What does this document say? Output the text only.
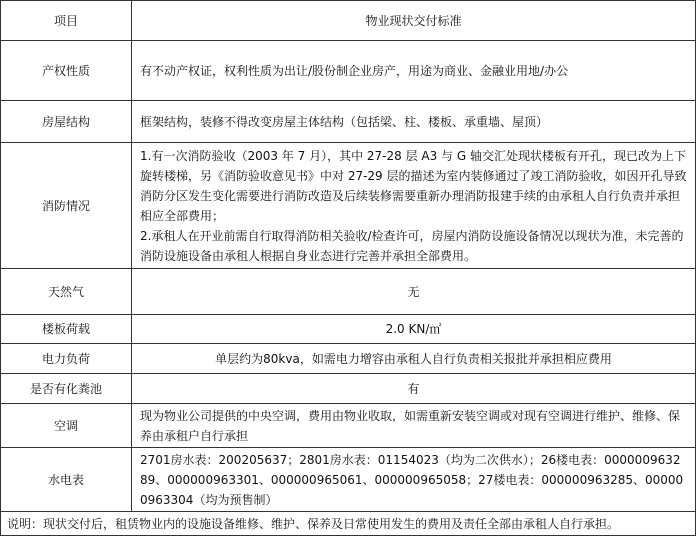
项目	物业现状交付标准
产权性质	有不动产权证，权利性质为出让/股份制企业房产，用途为商业、金融业用地/办公
房屋结构	框架结构，装修不得改变房屋主体结构（包括梁、柱、楼板、承重墙、屋顶）
消防情况	1.有一次消防验收（2003 年 7 月），其中 27-28 层 A3 与 G 轴交汇处现状楼板有开孔，现已改为上下旋转楼梯，另《消防验收意见书》中对 27-29 层的描述为室内装修通过了竣工消防验收，如因开孔导致消防分区发生变化需要进行消防改造及后续装修需要重新办理消防报建手续的由承租人自行负责并承担相应全部费用；
2.承租人在开业前需自行取得消防相关验收/检查许可，房屋内消防设施设备情况以现状为准，未完善的消防设施设备由承租人根据自身业态进行完善并承担全部费用。

天然气	无
楼板荷载	2.0 KN/㎡
电力负荷	单层约为80kva，如需电力增容由承租人自行负责相关报批并承担相应费用
是否有化粪池	有
空调	现为物业公司提供的中央空调，费用由物业收取，如需重新安装空调或对现有空调进行维护、维修、保养由承租户自行承担
水电表	2701房水表：200205637；2801房水表：01154023（均为二次供水）；26楼电表：000000963289、000000963301、000000965061、000000965058；27楼电表：000000963285、000000963304（均为预售制）
说明：现状交付后，租赁物业内的设施设备维修、维护、保养及日常使用发生的费用及责任全部由承租人自行承担。	
